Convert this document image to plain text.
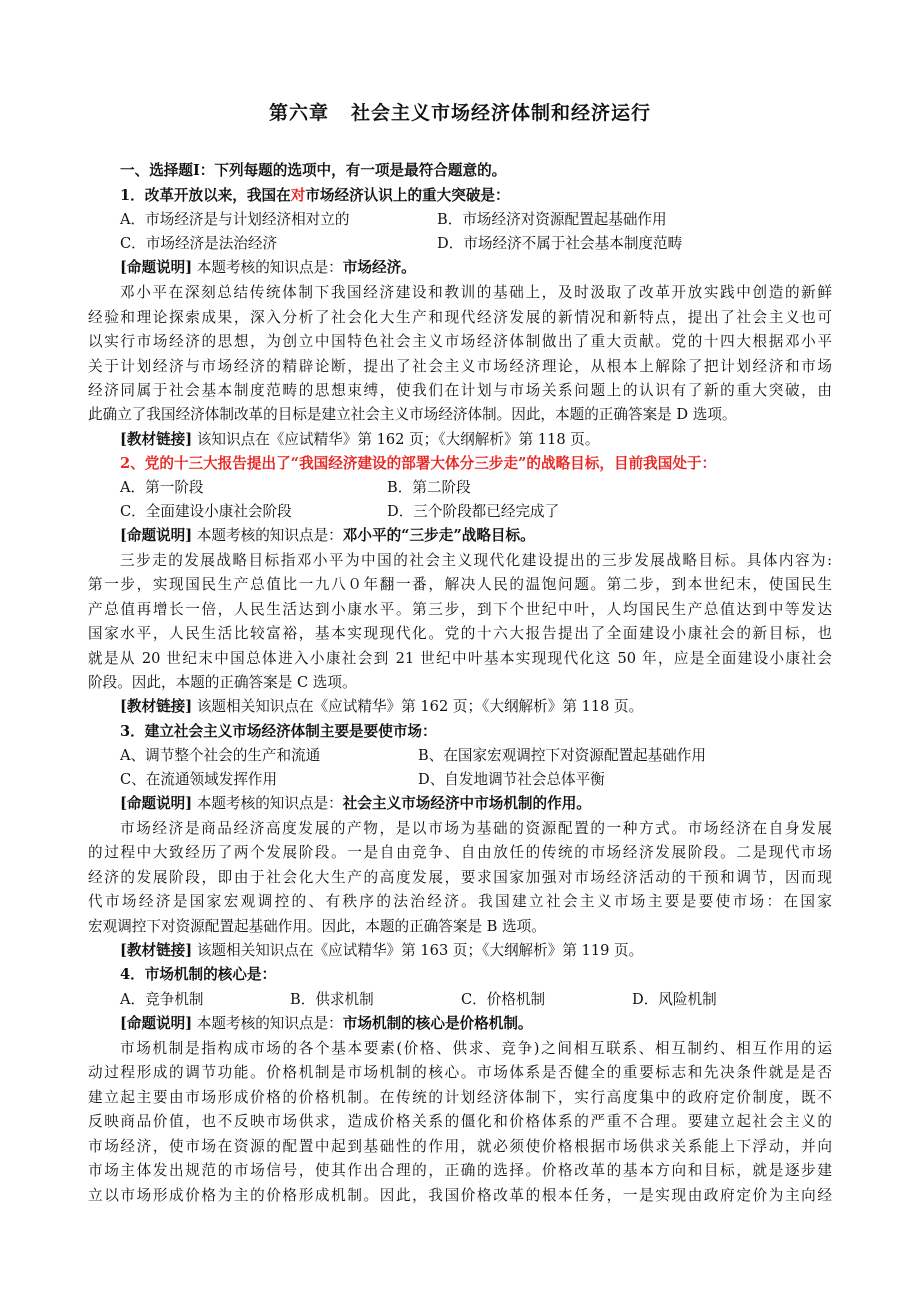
第六章 社会主义市场经济体制和经济运行
一、选择题Ⅰ：下列每题的选项中，有一项是最符合题意的。
1．改革开放以来，我国在对市场经济认识上的重大突破是：
A．市场经济是与计划经济相对立的	B．市场经济对资源配置起基础作用
C．市场经济是法治经济	D．市场经济不属于社会基本制度范畴
[命题说明] 本题考核的知识点是：市场经济。
邓小平在深刻总结传统体制下我国经济建设和教训的基础上，及时汲取了改革开放实践中创造的新鲜
经验和理论探索成果，深入分析了社会化大生产和现代经济发展的新情况和新特点，提出了社会主义也可
以实行市场经济的思想，为创立中国特色社会主义市场经济体制做出了重大贡献。党的十四大根据邓小平
关于计划经济与市场经济的精辟论断，提出了社会主义市场经济理论，从根本上解除了把计划经济和市场
经济同属于社会基本制度范畴的思想束缚，使我们在计划与市场关系问题上的认识有了新的重大突破，由
此确立了我国经济体制改革的目标是建立社会主义市场经济体制。因此，本题的正确答案是 D 选项。
[教材链接] 该知识点在《应试精华》第 162 页；《大纲解析》第 118 页。
2、党的十三大报告提出了“我国经济建设的部署大体分三步走”的战略目标，目前我国处于：
A．第一阶段	B．第二阶段
C．全面建设小康社会阶段	D．三个阶段都已经完成了
[命题说明] 本题考核的知识点是：邓小平的“三步走”战略目标。
三步走的发展战略目标指邓小平为中国的社会主义现代化建设提出的三步发展战略目标。具体内容为:
第一步，实现国民生产总值比一九八０年翻一番，解决人民的温饱问题。第二步，到本世纪末，使国民生
产总值再增长一倍，人民生活达到小康水平。第三步，到下个世纪中叶，人均国民生产总值达到中等发达
国家水平，人民生活比较富裕，基本实现现代化。党的十六大报告提出了全面建设小康社会的新目标，也
就是从 20 世纪末中国总体进入小康社会到 21 世纪中叶基本实现现代化这 50 年，应是全面建设小康社会
阶段。因此，本题的正确答案是 C 选项。
[教材链接] 该题相关知识点在《应试精华》第 162 页；《大纲解析》第 118 页。
3．建立社会主义市场经济体制主要是要使市场：
A、调节整个社会的生产和流通	B、在国家宏观调控下对资源配置起基础作用
C、在流通领域发挥作用	D、自发地调节社会总体平衡
[命题说明] 本题考核的知识点是：社会主义市场经济中市场机制的作用。
市场经济是商品经济高度发展的产物，是以市场为基础的资源配置的一种方式。市场经济在自身发展
的过程中大致经历了两个发展阶段。一是自由竞争、自由放任的传统的市场经济发展阶段。二是现代市场
经济的发展阶段，即由于社会化大生产的高度发展，要求国家加强对市场经济活动的干预和调节，因而现
代市场经济是国家宏观调控的、有秩序的法治经济。我国建立社会主义市场主要是要使市场：在国家
宏观调控下对资源配置起基础作用。因此，本题的正确答案是 B 选项。
[教材链接] 该题相关知识点在《应试精华》第 163 页；《大纲解析》第 119 页。
4．市场机制的核心是：
A．竞争机制	B．供求机制	C．价格机制	D．风险机制
[命题说明] 本题考核的知识点是：市场机制的核心是价格机制。
市场机制是指构成市场的各个基本要素(价格、供求、竞争)之间相互联系、相互制约、相互作用的运
动过程形成的调节功能。价格机制是市场机制的核心。市场体系是否健全的重要标志和先决条件就是是否
建立起主要由市场形成价格的价格机制。在传统的计划经济体制下，实行高度集中的政府定价制度，既不
反映商品价值，也不反映市场供求，造成价格关系的僵化和价格体系的严重不合理。要建立起社会主义的
市场经济，使市场在资源的配置中起到基础性的作用，就必须使价格根据市场供求关系能上下浮动，并向
市场主体发出规范的市场信号，使其作出合理的，正确的选择。价格改革的基本方向和目标，就是逐步建
立以市场形成价格为主的价格形成机制。因此，我国价格改革的根本任务，一是实现由政府定价为主向经
